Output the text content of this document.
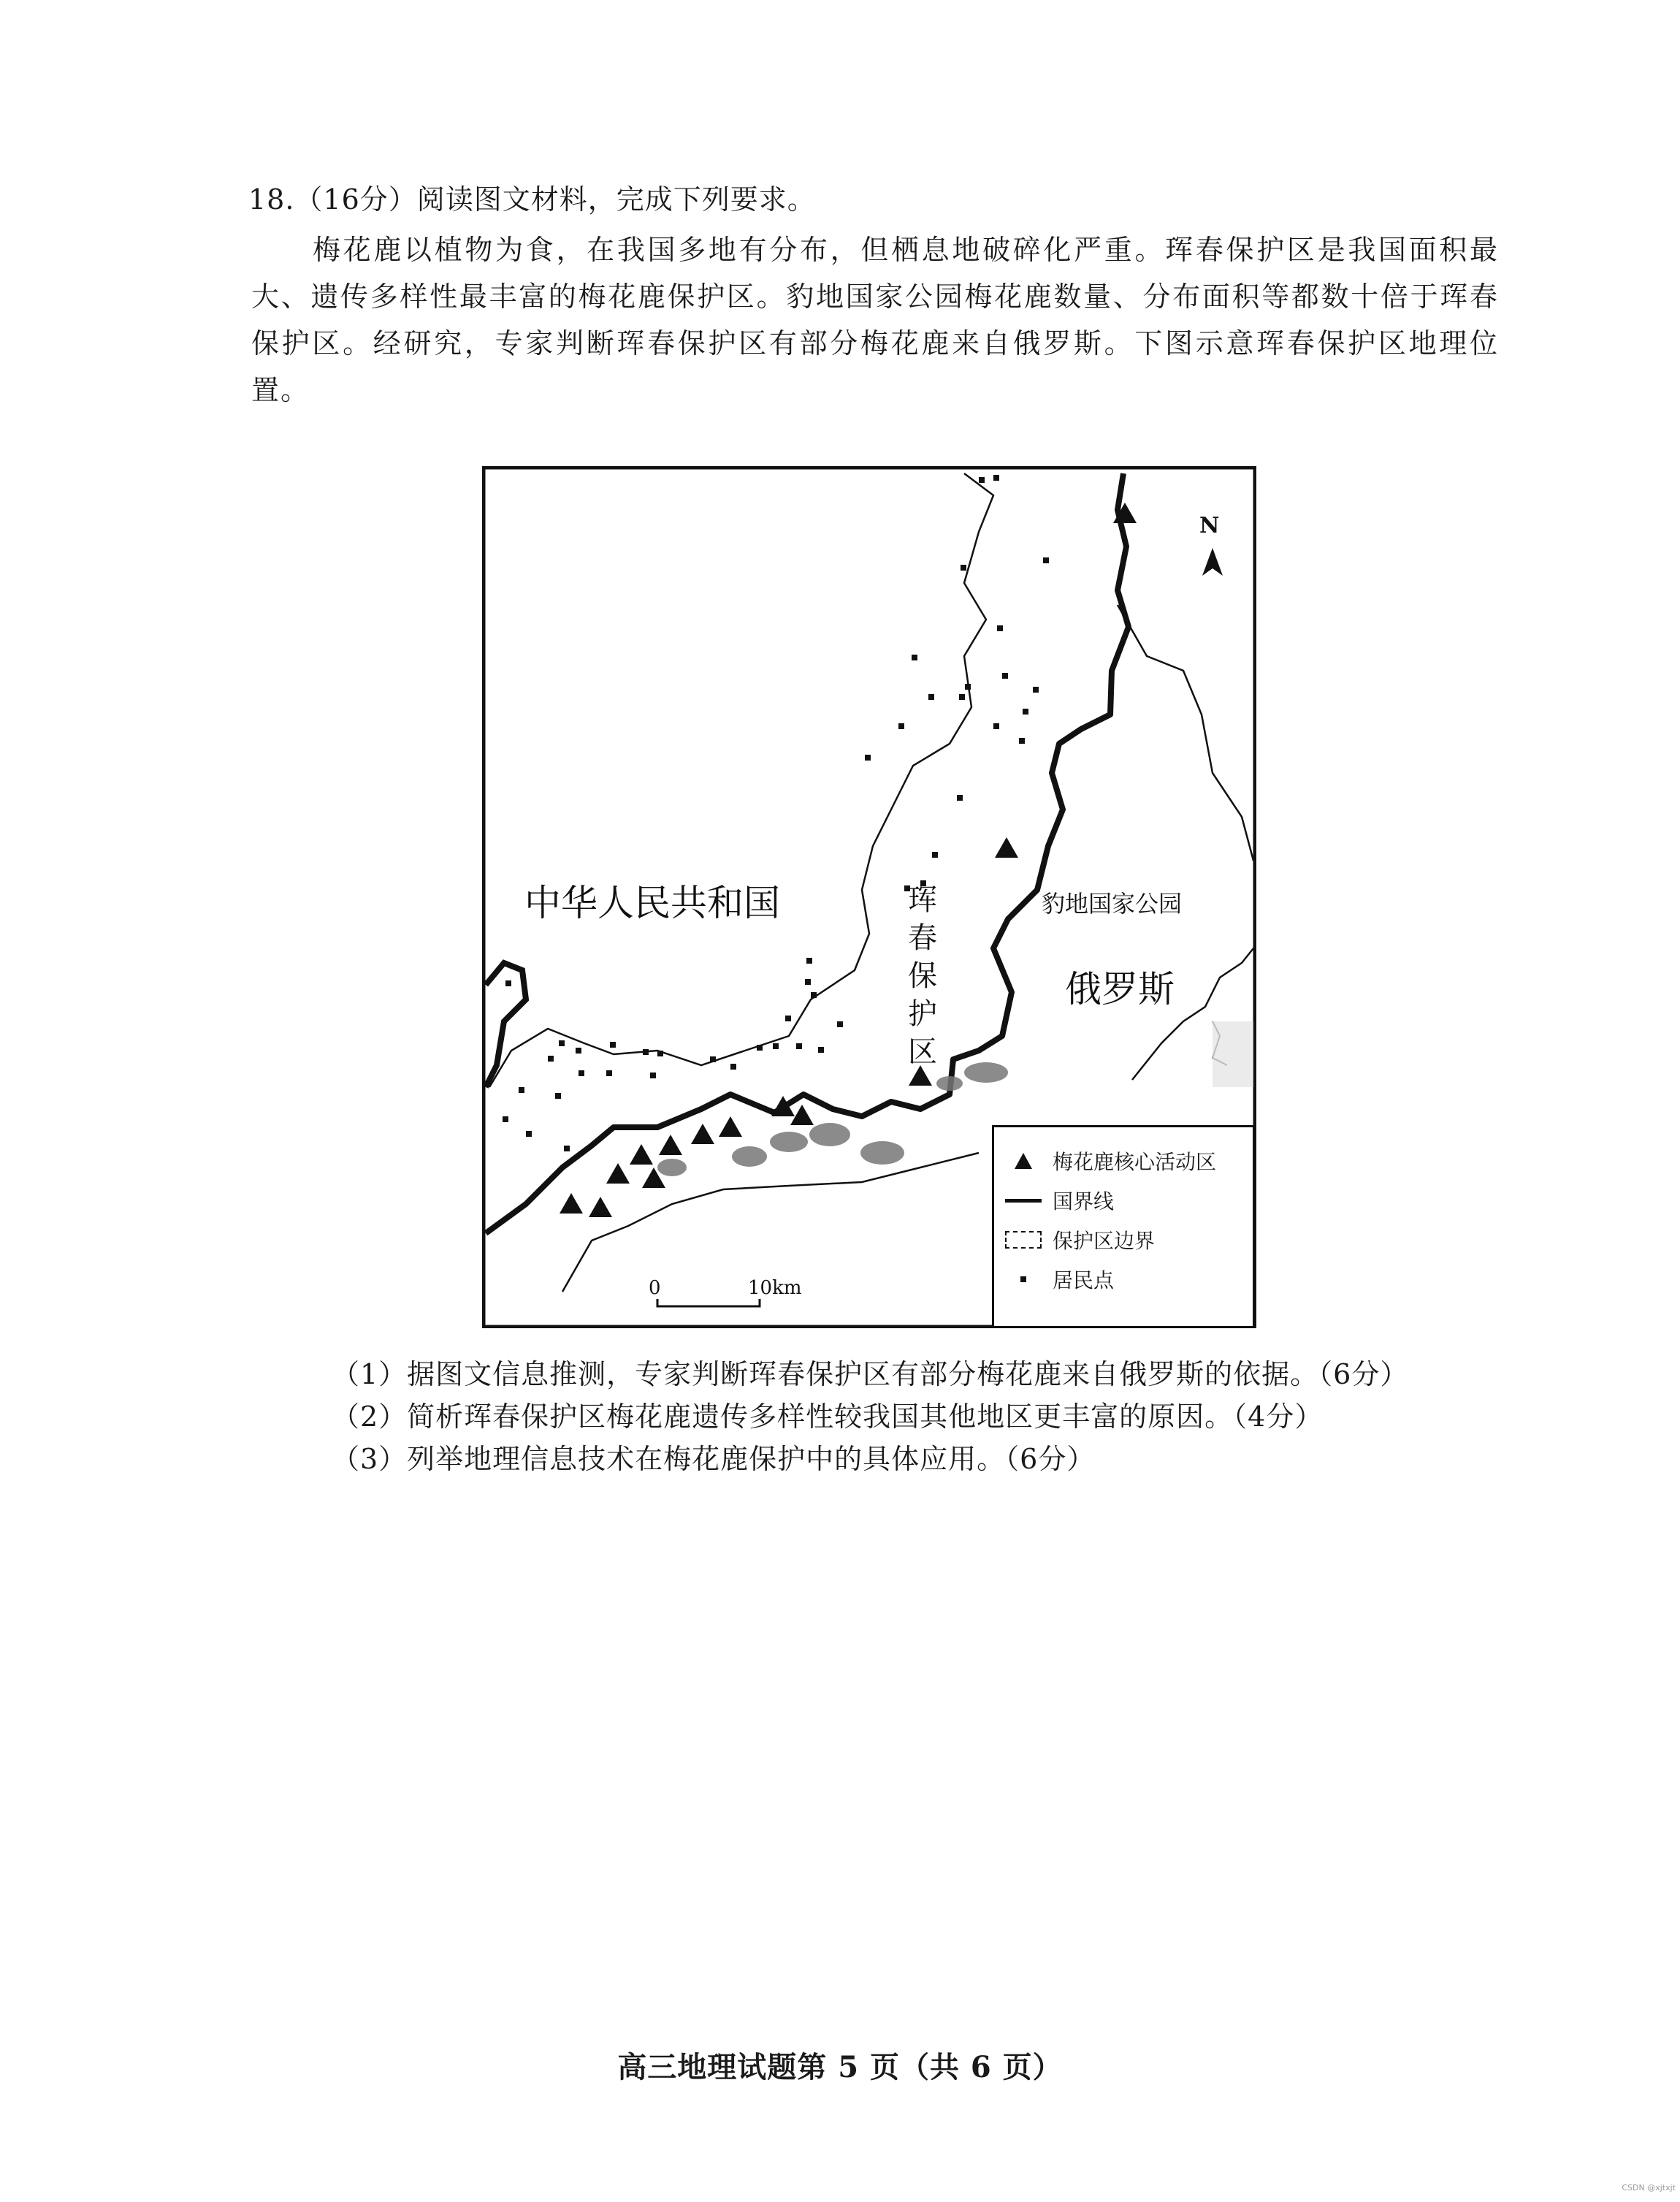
18.（16分）阅读图文材料，完成下列要求。

梅花鹿以植物为食，在我国多地有分布，但栖息地破碎化严重。珲春保护区是我国面积最大、遗传多样性最丰富的梅花鹿保护区。豹地国家公园梅花鹿数量、分布面积等都数十倍于珲春保护区。经研究，专家判断珲春保护区有部分梅花鹿来自俄罗斯。下图示意珲春保护区地理位置。

中华人民共和国
俄罗斯
豹地国家公园
珲春保护区
N
0	10km
梅花鹿核心活动区
国界线
保护区边界
居民点
（1）据图文信息推测，专家判断珲春保护区有部分梅花鹿来自俄罗斯的依据。（6分）
（2）简析珲春保护区梅花鹿遗传多样性较我国其他地区更丰富的原因。（4分）
（3）列举地理信息技术在梅花鹿保护中的具体应用。（6分）
高三地理试题第 5 页（共 6 页）
CSDN @xjtxjt
